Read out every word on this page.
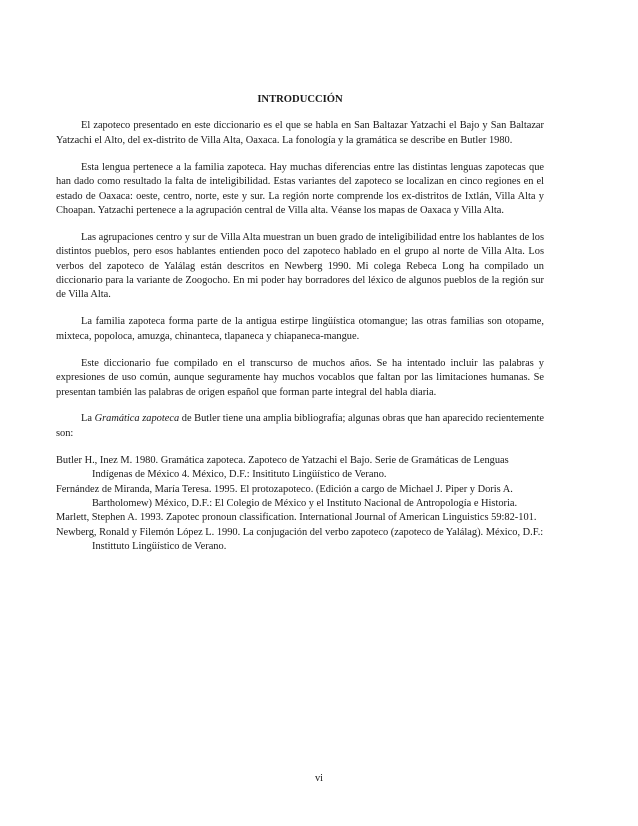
INTRODUCCIÓN

El zapoteco presentado en este diccionario es el que se habla en San Baltazar Yatzachi el Bajo y San Baltazar Yatzachi el Alto, del ex-distrito de Villa Alta, Oaxaca. La fonología y la gramática se describe en Butler 1980.

Esta lengua pertenece a la familia zapoteca. Hay muchas diferencias entre las distintas lenguas zapotecas que han dado como resultado la falta de inteligibilidad. Estas variantes del zapoteco se localizan en cinco regiones en el estado de Oaxaca: oeste, centro, norte, este y sur. La región norte comprende los ex-distritos de Ixtlán, Villa Alta y Choapan. Yatzachi pertenece a la agrupación central de Villa alta. Véanse los mapas de Oaxaca y Villa Alta.

Las agrupaciones centro y sur de Villa Alta muestran un buen grado de inteligibilidad entre los hablantes de los distintos pueblos, pero esos hablantes entienden poco del zapoteco hablado en el grupo al norte de Villa Alta. Los verbos del zapoteco de Yalálag están descritos en Newberg 1990. Mi colega Rebeca Long ha compilado un diccionario para la variante de Zoogocho. En mi poder hay borradores del léxico de algunos pueblos de la región sur de Villa Alta.

La familia zapoteca forma parte de la antigua estirpe lingüística otomangue; las otras familias son otopame, mixteca, popoloca, amuzga, chinanteca, tlapaneca y chiapaneca-mangue.

Este diccionario fue compilado en el transcurso de muchos años. Se ha intentado incluir las palabras y expresiones de uso común, aunque seguramente hay muchos vocablos que faltan por las limitaciones humanas. Se presentan también las palabras de origen español que forman parte integral del habla diaria.

La Gramática zapoteca de Butler tiene una amplia bibliografía; algunas obras que han aparecido recientemente son:

Butler H., Inez M. 1980. Gramática zapoteca. Zapoteco de Yatzachi el Bajo. Serie de Gramáticas de Lenguas Indígenas de México 4. México, D.F.: Insitituto Lingüístico de Verano.
Fernández de Miranda, María Teresa. 1995. El protozapoteco. (Edición a cargo de Michael J. Piper y Doris A. Bartholomew) México, D.F.: El Colegio de México y el Instituto Nacional de Antropología e Historia.
Marlett, Stephen A. 1993. Zapotec pronoun classification. International Journal of American Linguistics 59:82-101.
Newberg, Ronald y Filemón López L. 1990. La conjugación del verbo zapoteco (zapoteco de Yalálag). México, D.F.: Instittuto Lingüístico de Verano.
vi
